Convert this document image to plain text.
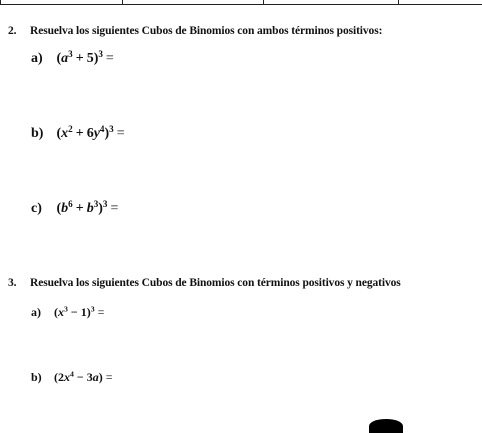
2. Resuelva los siguientes Cubos de Binomios con ambos términos positivos:
a) $(a^3 + 5)^3$ =
b) $(x^2 + 6y^4)^3$ =
c) $(b^6 + b^3)^3$ =
3. Resuelva los siguientes Cubos de Binomios con términos positivos y negativos
a) $(x^3 - 1)^3$ =
b) $(2x^4 - 3a)$ =
